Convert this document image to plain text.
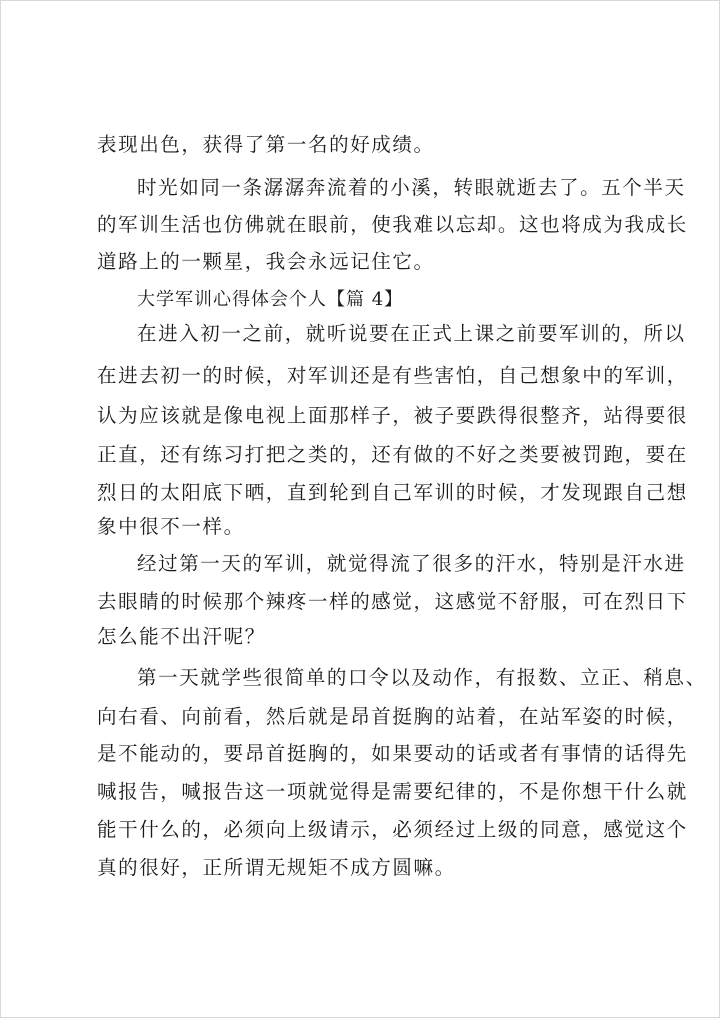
表现出色，获得了第一名的好成绩。
时光如同一条潺潺奔流着的小溪，转眼就逝去了。五个半天
的军训生活也仿佛就在眼前，使我难以忘却。这也将成为我成长
道路上的一颗星，我会永远记住它。
大学军训心得体会个人【篇 4】
在进入初一之前，就听说要在正式上课之前要军训的，所以
在进去初一的时候，对军训还是有些害怕，自己想象中的军训，
认为应该就是像电视上面那样子，被子要跌得很整齐，站得要很
正直，还有练习打把之类的，还有做的不好之类要被罚跑，要在
烈日的太阳底下晒，直到轮到自己军训的时候，才发现跟自己想
象中很不一样。
经过第一天的军训，就觉得流了很多的汗水，特别是汗水进
去眼睛的时候那个辣疼一样的感觉，这感觉不舒服，可在烈日下
怎么能不出汗呢？
第一天就学些很简单的口令以及动作，有报数、立正、稍息、
向右看、向前看，然后就是昂首挺胸的站着，在站军姿的时候，
是不能动的，要昂首挺胸的，如果要动的话或者有事情的话得先
喊报告，喊报告这一项就觉得是需要纪律的，不是你想干什么就
能干什么的，必须向上级请示，必须经过上级的同意，感觉这个
真的很好，正所谓无规矩不成方圆嘛。
